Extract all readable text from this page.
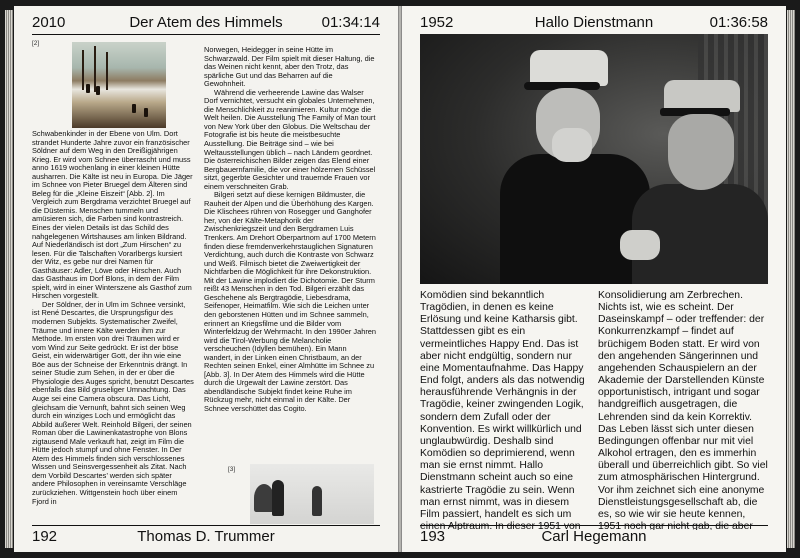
2010	Der Atem des Himmels	01:34:14
[2]

Schwabenkinder in der Ebene von Ulm. Dort strandet Hunderte Jahre zuvor ein französischer Söldner auf dem Weg in den Dreißigjährigen Krieg. Er wird vom Schnee überrascht und muss anno 1619 wochenlang in einer kleinen Hütte ausharren. Die Kälte ist neu in Europa. Die Jäger im Schnee von Pieter Bruegel dem Älteren sind Beleg für die „Kleine Eiszeit“ [Abb. 2]. Im Vergleich zum Bergdrama verzichtet Bruegel auf die Düsternis. Menschen tummeln und amüsieren sich, die Farben sind kontrastreich. Eines der vielen Details ist das Schild des nahgelegenen Wirtshauses am linken Bildrand. Auf Niederländisch ist dort „Zum Hirschen“ zu lesen. Für die Talschaften Vorarlbergs kursiert der Witz, es gebe nur drei Namen für Gasthäuser: Adler, Löwe oder Hirschen. Auch das Gasthaus im Dorf Blons, in dem der Film spielt, wird in einer Winterszene als Gasthof zum Hirschen vorgestellt.

Der Söldner, der in Ulm im Schnee versinkt, ist René Descartes, die Ursprungsfigur des modernen Subjekts. Systematischer Zweifel, Träume und innere Kälte werden ihm zur Methode. Im ersten von drei Träumen wird er vom Wind zur Seite gedrückt. Er ist der böse Geist, ein widerwärtiger Gott, der ihn wie eine Böe aus der Schneise der Erkenntnis drängt. In seiner Studie zum Sehen, in der er über die Physiologie des Auges spricht, benutzt Descartes ebenfalls das Bild gruseliger Umnachtung. Das Auge sei eine Camera obscura. Das Licht, gleichsam die Vernunft, bahnt sich seinen Weg durch ein winziges Loch und ermöglicht das Abbild äußerer Welt. Reinhold Bilgeri, der seinen Roman über die Lawinenkatastrophe von Blons zigtausend Male verkauft hat, zeigt im Film die Hütte jedoch stumpf und ohne Fenster. In Der Atem des Himmels finden sich verschlossenes Wissen und Seinsvergessenheit als Zitat. Nach dem Vorbild Descartes’ werden sich später andere Philosophen in vereinsamte Verschläge zurückziehen. Wittgenstein hoch über einem Fjord in

Norwegen, Heidegger in seine Hütte im Schwarzwald. Der Film spielt mit dieser Haltung, die das Weinen nicht kennt, aber den Trotz, das spärliche Gut und das Beharren auf die Gewohnheit.

Während die verheerende Lawine das Walser Dorf vernichtet, versucht ein globales Unternehmen, die Menschlichkeit zu reanimieren. Kultur möge die Welt heilen. Die Ausstellung The Family of Man tourt von New York über den Globus. Die Weltschau der Fotografie ist bis heute die meistbesuchte Ausstellung. Die Beiträge sind – wie bei Weltausstellungen üblich – nach Ländern geordnet. Die österreichischen Bilder zeigen das Elend einer Bergbauernfamilie, die vor einer hölzernen Schüssel sitzt, gegerbte Gesichter und trauernde Frauen vor einem verschneiten Grab.

Bilgeri setzt auf diese kernigen Bildmuster, die Rauheit der Alpen und die Überhöhung des Kargen. Die Klischees rühren von Rosegger und Ganghofer her, von der Kälte-Metaphorik der Zwischenkriegszeit und den Bergdramen Luis Trenkers. Am Drehort Oberpartnom auf 1700 Metern finden diese fremdenverkehrstauglichen Signaturen Verdichtung, auch durch die Kontraste von Schwarz und Weiß. Filmisch bietet die Zweiwertigkeit der Nichtfarben die Möglichkeit für ihre Dekonstruktion. Mit der Lawine implodiert die Dichotomie. Der Sturm reißt 43 Menschen in den Tod. Bilgeri erzählt das Geschehene als Bergtragödie, Liebesdrama, Seifenoper, Heimatfilm. Wie sich die Leichen unter den geborstenen Hütten und im Schnee sammeln, erinnert an Kriegsfilme und die Bilder vom Winterfeldzug der Wehrmacht. In den 1990er Jahren wird die Tirol-Werbung die Melancholie verscheuchen (Idyllen bemühen). Ein Mann wandert, in der Linken einen Christbaum, an der Rechten seinen Enkel, einer Almhütte im Schnee zu [Abb. 3]. In Der Atem des Himmels wird die Hütte durch die Urgewalt der Lawine zerstört. Das abendländische Subjekt findet keine Ruhe im Rückzug mehr, nicht einmal in der Kälte. Der Schnee verschüttet das Cogito.

[3]
192	Thomas D. Trummer
1952	Hallo Dienstmann	01:36:58

Komödien sind bekanntlich Tragödien, in denen es keine Erlösung und keine Katharsis gibt. Stattdessen gibt es ein vermeintliches Happy End. Das ist aber nicht endgültig, sondern nur eine Momentaufnahme. Das Happy End folgt, anders als das notwendig herausführende Verhängnis in der Tragödie, keiner zwingenden Logik, sondern dem Zufall oder der Konvention. Es wirkt willkürlich und unglaubwürdig. Deshalb sind Komödien so deprimierend, wenn man sie ernst nimmt. Hallo Dienstmann scheint auch so eine kastrierte Tragödie zu sein. Wenn man ernst nimmt, was in diesem Film passiert, handelt es sich um einen Alptraum. In dieser 1951 von

Konsolidierung am Zerbrechen. Nichts ist, wie es scheint. Der Daseinskampf – oder treffender: der Konkurrenzkampf – findet auf brüchigem Boden statt. Er wird von den angehenden Sängerinnen und angehenden Schauspielern an der Akademie der Darstellenden Künste opportunistisch, intrigant und sogar handgreiflich ausgetragen, die Lehrenden sind da kein Korrektiv. Das Leben lässt sich unter diesen Bedingungen offenbar nur mit viel Alkohol ertragen, den es immerhin überall und überreichlich gibt. So viel zum atmosphärischen Hintergrund. Vor ihm zeichnet sich eine anonyme Dienstleistungsgesellschaft ab, die es, so wie wir sie heute kennen, 1951 noch gar nicht gab, die aber

193	Carl Hegemann
